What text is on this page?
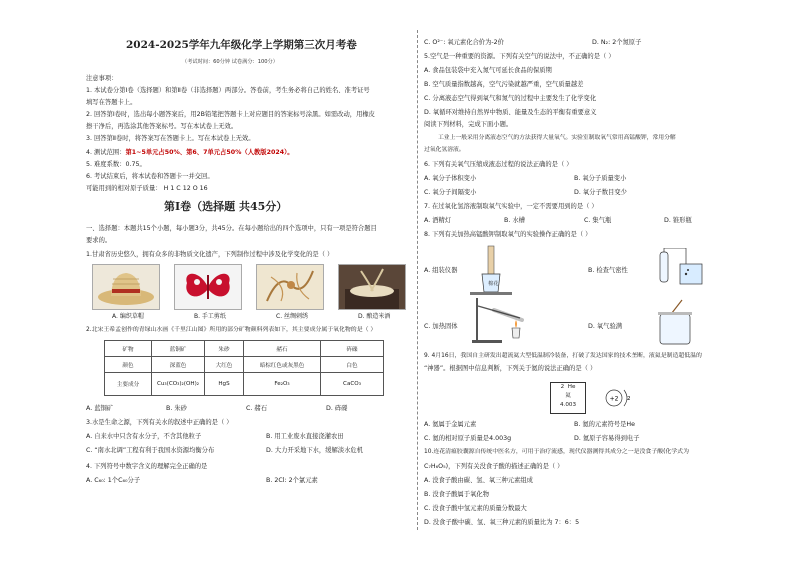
2024-2025学年九年级化学上学期第三次月考卷
（考试时间：60分钟 试卷满分：100分）
注意事项：
1. 本试卷分第Ⅰ卷（选择题）和第Ⅱ卷（非选择题）两部分。答卷前，考生务必将自己的姓名、准考证号
填写在答题卡上。
2. 回答第Ⅰ卷时，选出每小题答案后，用2B铅笔把答题卡上对应题目的答案标号涂黑。如需改动，用橡皮
擦干净后，再选涂其他答案标号。写在本试卷上无效。
3. 回答第Ⅱ卷时，将答案写在答题卡上。写在本试卷上无效。
4. 测试范围：第1~5单元占50%、第6、7单元占50%（人教版2024）。
5. 难度系数：0.75。
6. 考试结束后，将本试卷和答题卡一并交回。
可能用到的相对原子质量： H 1 C 12 O 16
第Ⅰ卷（选择题 共45分）
一、选择题：本题共15个小题，每小题3分，共45分。在每小题给出的四个选项中，只有一项是符合题目
要求的。
1.甘肃省历史悠久，拥有众多的非物质文化遗产，下列制作过程中涉及化学变化的是（ ）
A. 编织草帽	B. 手工剪纸	C. 丝绸刺绣	D. 酿造米酒
2.北宋王希孟创作的青绿山水画《千里江山图》所用的部分矿物颜料列表如下，其主要成分属于氧化物的是（ ）
矿物	蓝铜矿	朱砂	赭石	砗磲
颜色	深蓝色	大红色	暗棕红色或灰黑色	白色
主要成分	Cu₃(CO₃)₂(OH)₂	HgS	Fe₂O₃	CaCO₃
A. 蓝铜矿	B. 朱砂	C. 赭石	D. 砗磲
3.水是生命之源，下列有关水的叙述中正确的是（ ）
A. 自来水中只含有水分子，不含其他粒子	B. 用工业废水直接浇灌农田
C. “南水北调”工程有利于我国水资源均衡分布	D. 大力开采地下水，缓解淡水危机
4. 下列符号中数字含义的理解完全正确的是
A. C₆₀: 1个C₆₀分子	B. 2Cl: 2个氯元素
C. O²⁻: 氧元素化合价为-2价	D. N₂: 2个氮原子
5.空气是一种重要的资源。下列有关空气的说法中，不正确的是（ ）
A. 食品包装袋中充入氮气可延长食品的保质期
B. 空气质量指数越高，空气污染就越严重，空气质量越差
C. 分离液态空气得到氧气和氮气的过程中主要发生了化学变化
D. 氧循环对维持自然界中物质、能量及生态的平衡有重要意义
阅读下列材料，完成下面小题。
工业上一般采用分离液态空气的方法获得大量氧气。实验室制取氧气常用高锰酸钾，常用分解
过氧化氢溶液。
6. 下列有关氧气压缩成液态过程的说法正确的是（ ）
A. 氧分子体积变小	B. 氧分子质量变小
C. 氧分子间隔变小	D. 氧分子数目变少
7. 在过氧化氢溶液制取氧气实验中，一定不需要用到的是（ ）
A. 酒精灯	B. 水槽	C. 集气瓶	D. 锥形瓶
8. 下列有关加热高锰酸钾制取氧气的实验操作正确的是（ ）
A. 组装仪器
棉花
B. 检查气密性
C. 加热固体	D. 氧气验满
9. 4月16日，我国自主研发出超流氦大型低温制冷装备，打破了发达国家的技术垄断，液氦是制造超低温的
“神器”。根据图中信息判断，下列关于氦的说法正确的是（ ）
2 He
氦
4.003
+2 2
A. 氦属于金属元素	B. 氦的元素符号是He
C. 氦的相对原子质量是4.003g	D. 氦原子容易得到电子
10.连花清瘟胶囊源自传统中医名方，可用于治疗流感，现代仪器测得其成分之一是没食子酸(化学式为
C₇H₆O₅)，下列有关没食子酸的描述正确的是（ ）
A. 没食子酸由碳、氢、氧三种元素组成
B. 没食子酸属于氧化物
C. 没食子酸中氢元素的质量分数最大
D. 没食子酸中碳、氢、氧三种元素的质量比为 7：6：5
